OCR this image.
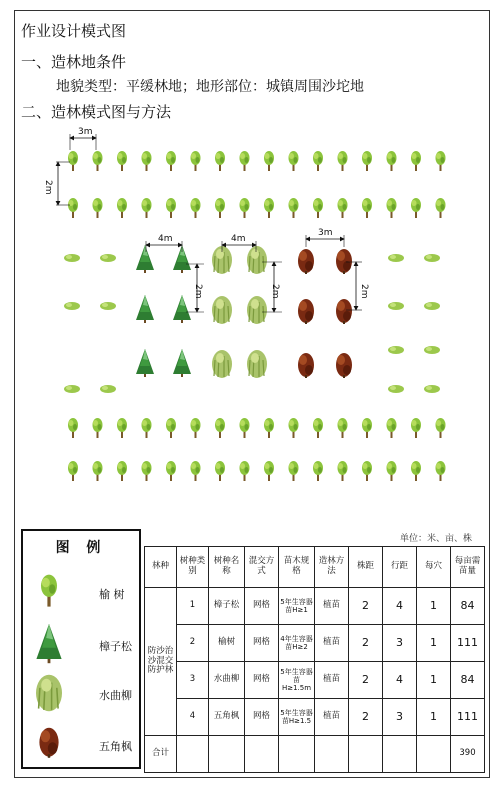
作业设计模式图
一、造林地条件
地貌类型：平缓林地；地形部位：城镇周围沙坨地
二、造林模式图与方法
3m
2m
4m
2m
4m
2m
3m
2m
图 例
榆 树
樟子松
水曲柳
五角枫
单位：米、亩、株
林种	树种类别	树种名称	混交方式	苗木规格	造林方法	株距	行距	每穴	每亩需苗量
防沙治沙混交防护林	1	樟子松	网格	5年生容器苗H≥1	植苗	2	4	1	84
	2	榆树	网格	4年生容器苗H≥2	植苗	2	3	1	111
	3	水曲柳	网格	5年生容器苗H≥1.5m	植苗	2	4	1	84
	4	五角枫	网格	5年生容器苗H≥1.5	植苗	2	3	1	111
合计									390
